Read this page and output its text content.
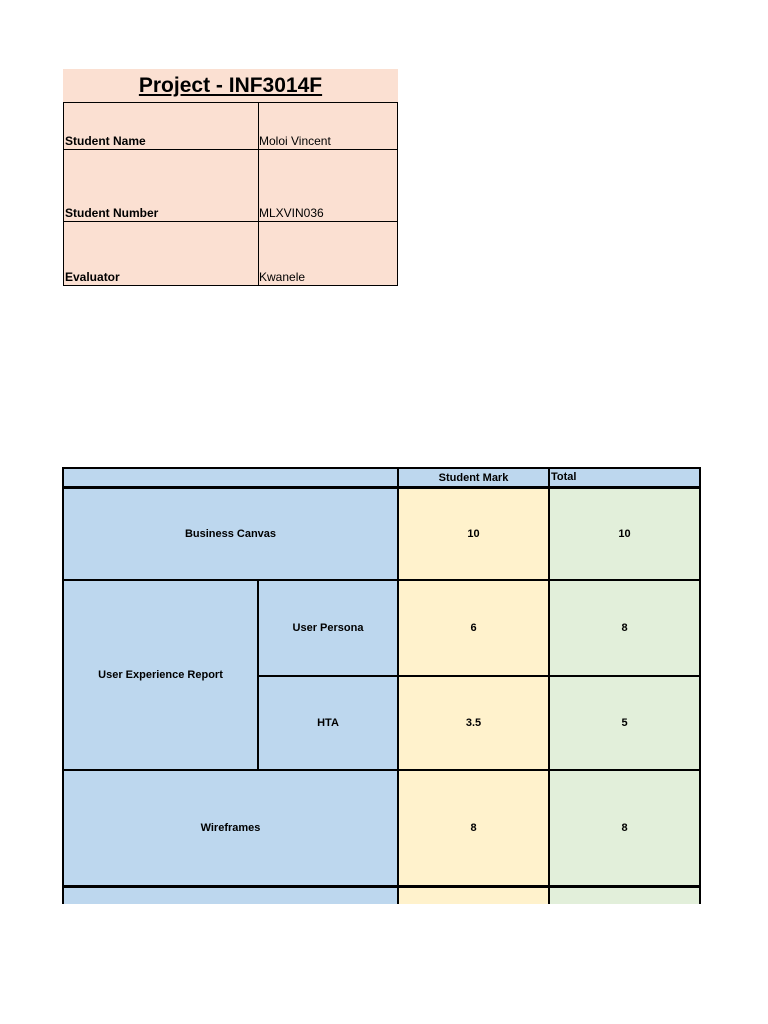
Project - INF3014F
Student Name	Moloi Vincent
Student Number	MLXVIN036
Evaluator	Kwanele
Student Mark	Total
Business Canvas	10	10
User Experience Report
User Persona	6	8
HTA	3.5	5
Wireframes	8	8
